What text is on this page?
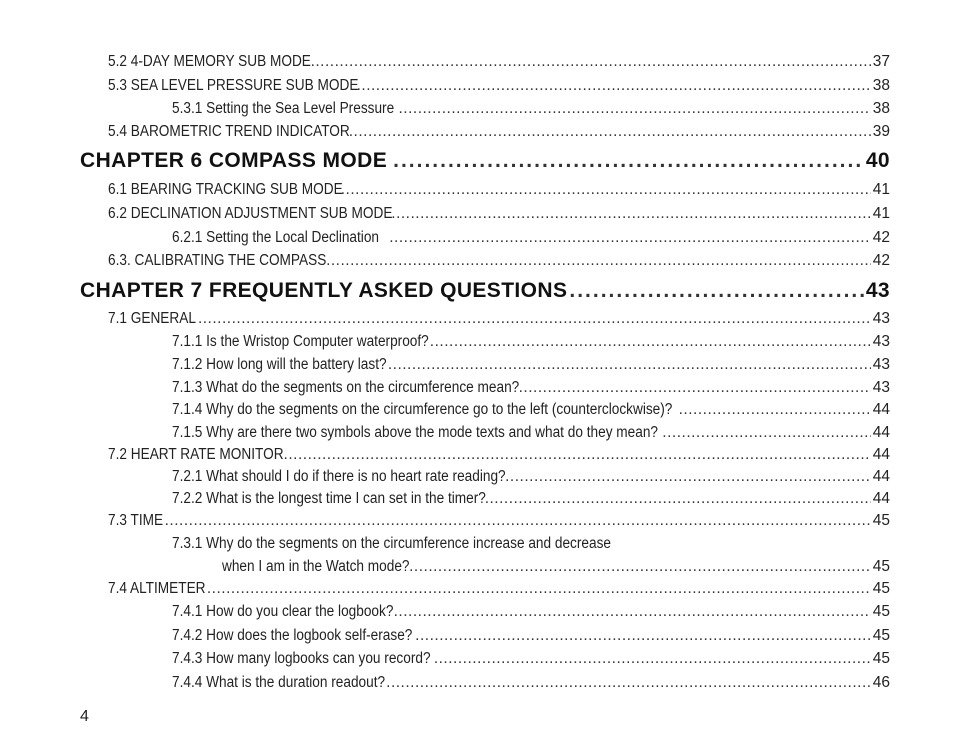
5.2 4-DAY MEMORY SUB MODE .....	37
5.3 SEA LEVEL PRESSURE SUB MODE .....	38
5.3.1 Setting the Sea Level Pressure .....	38
5.4 BAROMETRIC TREND INDICATOR .....	39
CHAPTER 6 COMPASS MODE .....	40
6.1 BEARING TRACKING SUB MODE .....	41
6.2 DECLINATION ADJUSTMENT SUB MODE .....	41
6.2.1 Setting the Local Declination .....	42
6.3. CALIBRATING THE COMPASS .....	42
CHAPTER 7 FREQUENTLY ASKED QUESTIONS .....	43
7.1 GENERAL .....	43
7.1.1 Is the Wristop Computer waterproof? .....	43
7.1.2 How long will the battery last? .....	43
7.1.3 What do the segments on the circumference mean? .....	43
7.1.4 Why do the segments on the circumference go to the left (counterclockwise)? .....	44
7.1.5 Why are there two symbols above the mode texts and what do they mean? .....	44
7.2 HEART RATE MONITOR .....	44
7.2.1 What should I do if there is no heart rate reading? .....	44
7.2.2 What is the longest time I can set in the timer? .....	44
7.3 TIME .....	45
7.3.1 Why do the segments on the circumference increase and decrease
when I am in the Watch mode? .....	45
7.4 ALTIMETER .....	45
7.4.1 How do you clear the logbook? .....	45
7.4.2 How does the logbook self-erase? .....	45
7.4.3 How many logbooks can you record? .....	45
7.4.4 What is the duration readout? .....	46
4
